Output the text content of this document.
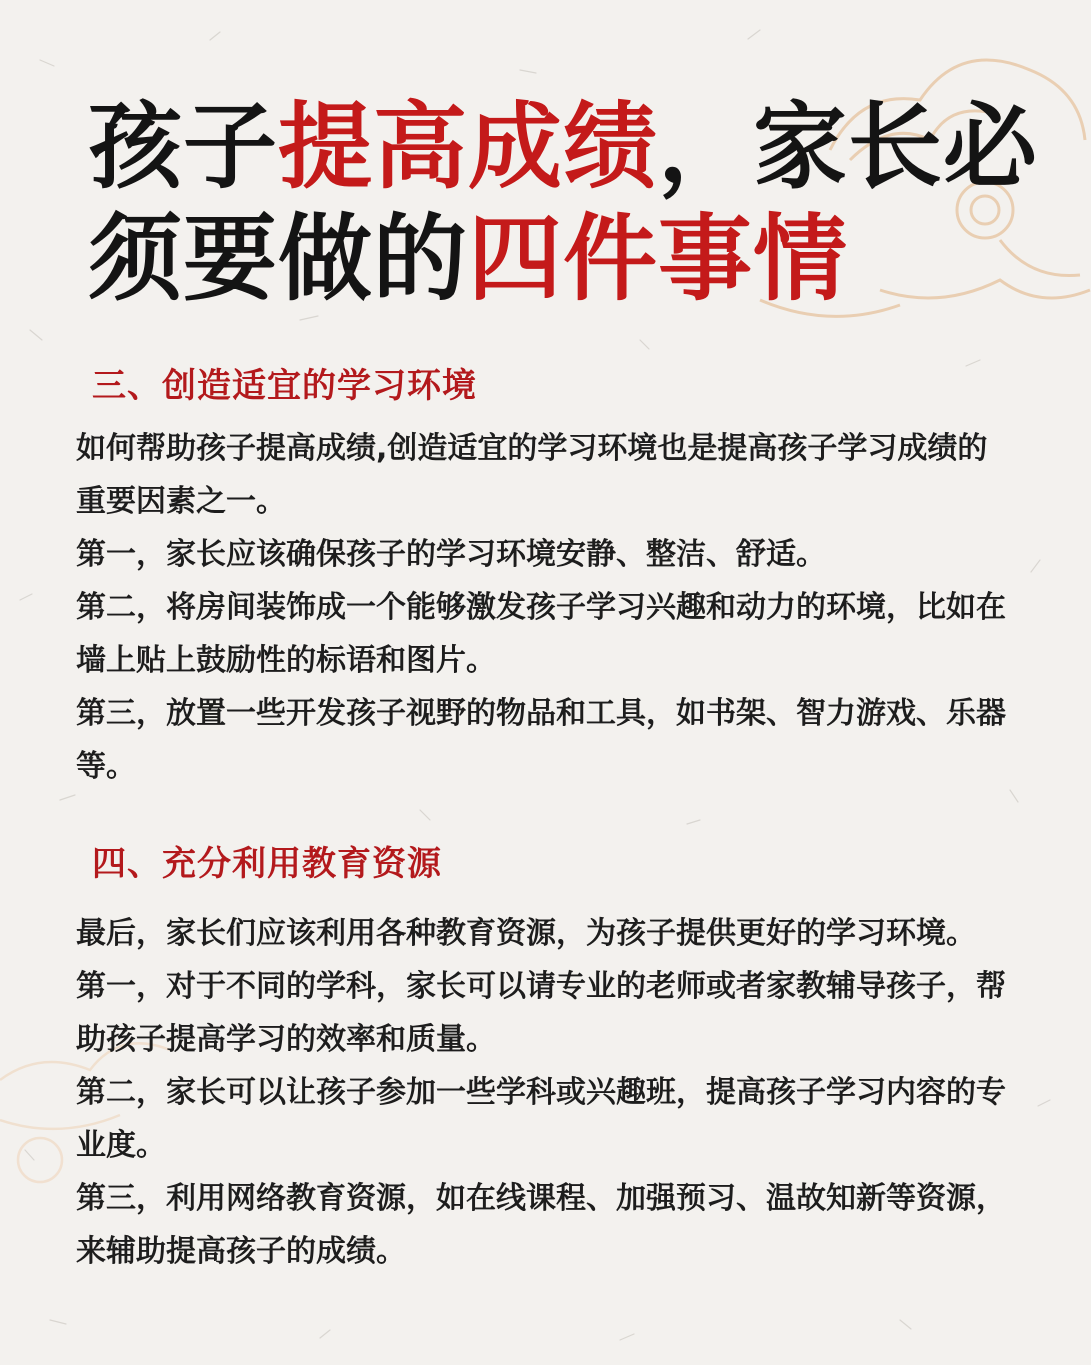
孩子提高成绩，家长必
须要做的四件事情
三、创造适宜的学习环境

如何帮助孩子提高成绩,创造适宜的学习环境也是提高孩子学习成绩的重要因素之一。

第一，家长应该确保孩子的学习环境安静、整洁、舒适。

第二，将房间装饰成一个能够激发孩子学习兴趣和动力的环境，比如在墙上贴上鼓励性的标语和图片。

第三，放置一些开发孩子视野的物品和工具，如书架、智力游戏、乐器等。

四、充分利用教育资源

最后，家长们应该利用各种教育资源，为孩子提供更好的学习环境。

第一，对于不同的学科，家长可以请专业的老师或者家教辅导孩子，帮助孩子提高学习的效率和质量。

第二，家长可以让孩子参加一些学科或兴趣班，提高孩子学习内容的专业度。

第三，利用网络教育资源，如在线课程、加强预习、温故知新等资源，来辅助提高孩子的成绩。
